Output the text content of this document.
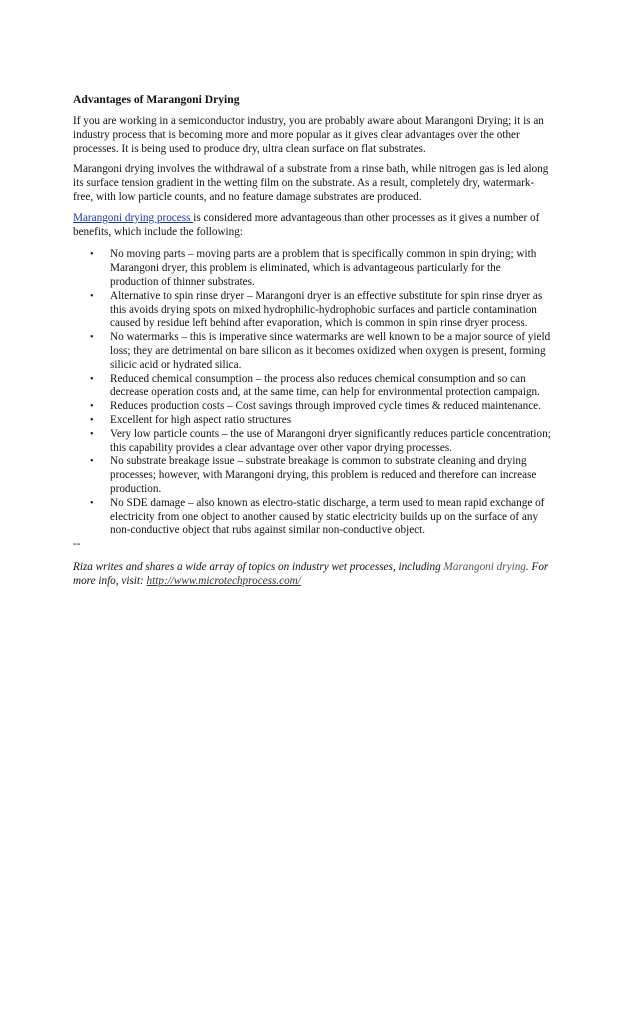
Advantages of Marangoni Drying

If you are working in a semiconductor industry, you are probably aware about Marangoni Drying; it is an industry process that is becoming more and more popular as it gives clear advantages over the other processes. It is being used to produce dry, ultra clean surface on flat substrates.

Marangoni drying involves the withdrawal of a substrate from a rinse bath, while nitrogen gas is led along its surface tension gradient in the wetting film on the substrate. As a result, completely dry, watermark-free, with low particle counts, and no feature damage substrates are produced.

Marangoni drying process is considered more advantageous than other processes as it gives a number of benefits, which include the following:

• No moving parts – moving parts are a problem that is specifically common in spin drying; with Marangoni dryer, this problem is eliminated, which is advantageous particularly for the production of thinner substrates.
• Alternative to spin rinse dryer – Marangoni dryer is an effective substitute for spin rinse dryer as this avoids drying spots on mixed hydrophilic-hydrophobic surfaces and particle contamination caused by residue left behind after evaporation, which is common in spin rinse dryer process.
• No watermarks – this is imperative since watermarks are well known to be a major source of yield loss; they are detrimental on bare silicon as it becomes oxidized when oxygen is present, forming silicic acid or hydrated silica.
• Reduced chemical consumption – the process also reduces chemical consumption and so can decrease operation costs and, at the same time, can help for environmental protection campaign.
• Reduces production costs – Cost savings through improved cycle times & reduced maintenance.
• Excellent for high aspect ratio structures
• Very low particle counts – the use of Marangoni dryer significantly reduces particle concentration; this capability provides a clear advantage over other vapor drying processes.
• No substrate breakage issue – substrate breakage is common to substrate cleaning and drying processes; however, with Marangoni drying, this problem is reduced and therefore can increase production.
• No SDE damage – also known as electro-static discharge, a term used to mean rapid exchange of electricity from one object to another caused by static electricity builds up on the surface of any non-conductive object that rubs against similar non-conductive object.

--

Riza writes and shares a wide array of topics on industry wet processes, including Marangoni drying. For more info, visit: http://www.microtechprocess.com/
